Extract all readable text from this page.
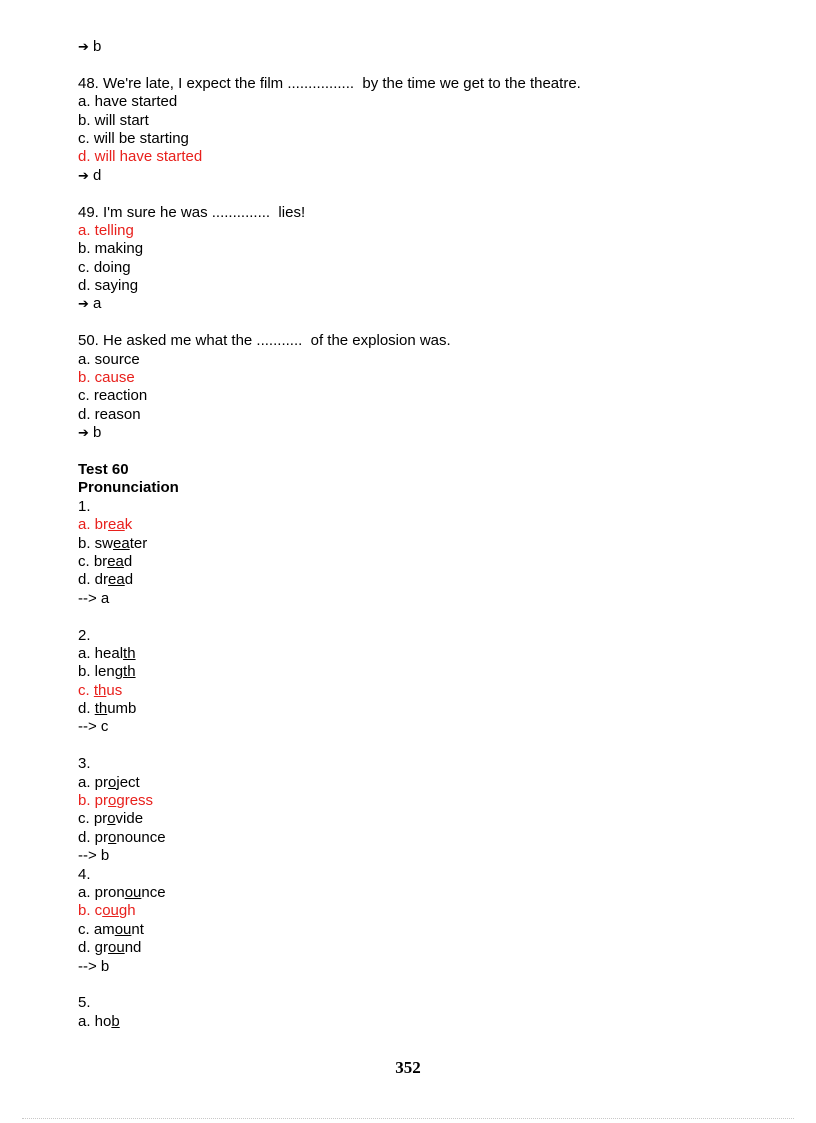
➔ b
48. We're late, I expect the film ................  by the time we get to the theatre.
a. have started
b. will start
c. will be starting
d. will have started
➔ d
49. I'm sure he was ..............  lies!
a. telling
b. making
c. doing
d. saying
➔ a
50. He asked me what the ...........  of the explosion was.
a. source
b. cause
c. reaction
d. reason
➔ b
Test 60
Pronunciation
1.
a. break
b. sweater
c. bread
d. dread
--> a
2.
a. health
b. length
c. thus
d. thumb
--> c
3.
a. project
b. progress
c. provide
d. pronounce
--> b
4.
a. pronounce
b. cough
c. amount
d. ground
--> b
5.
a. hob
352
